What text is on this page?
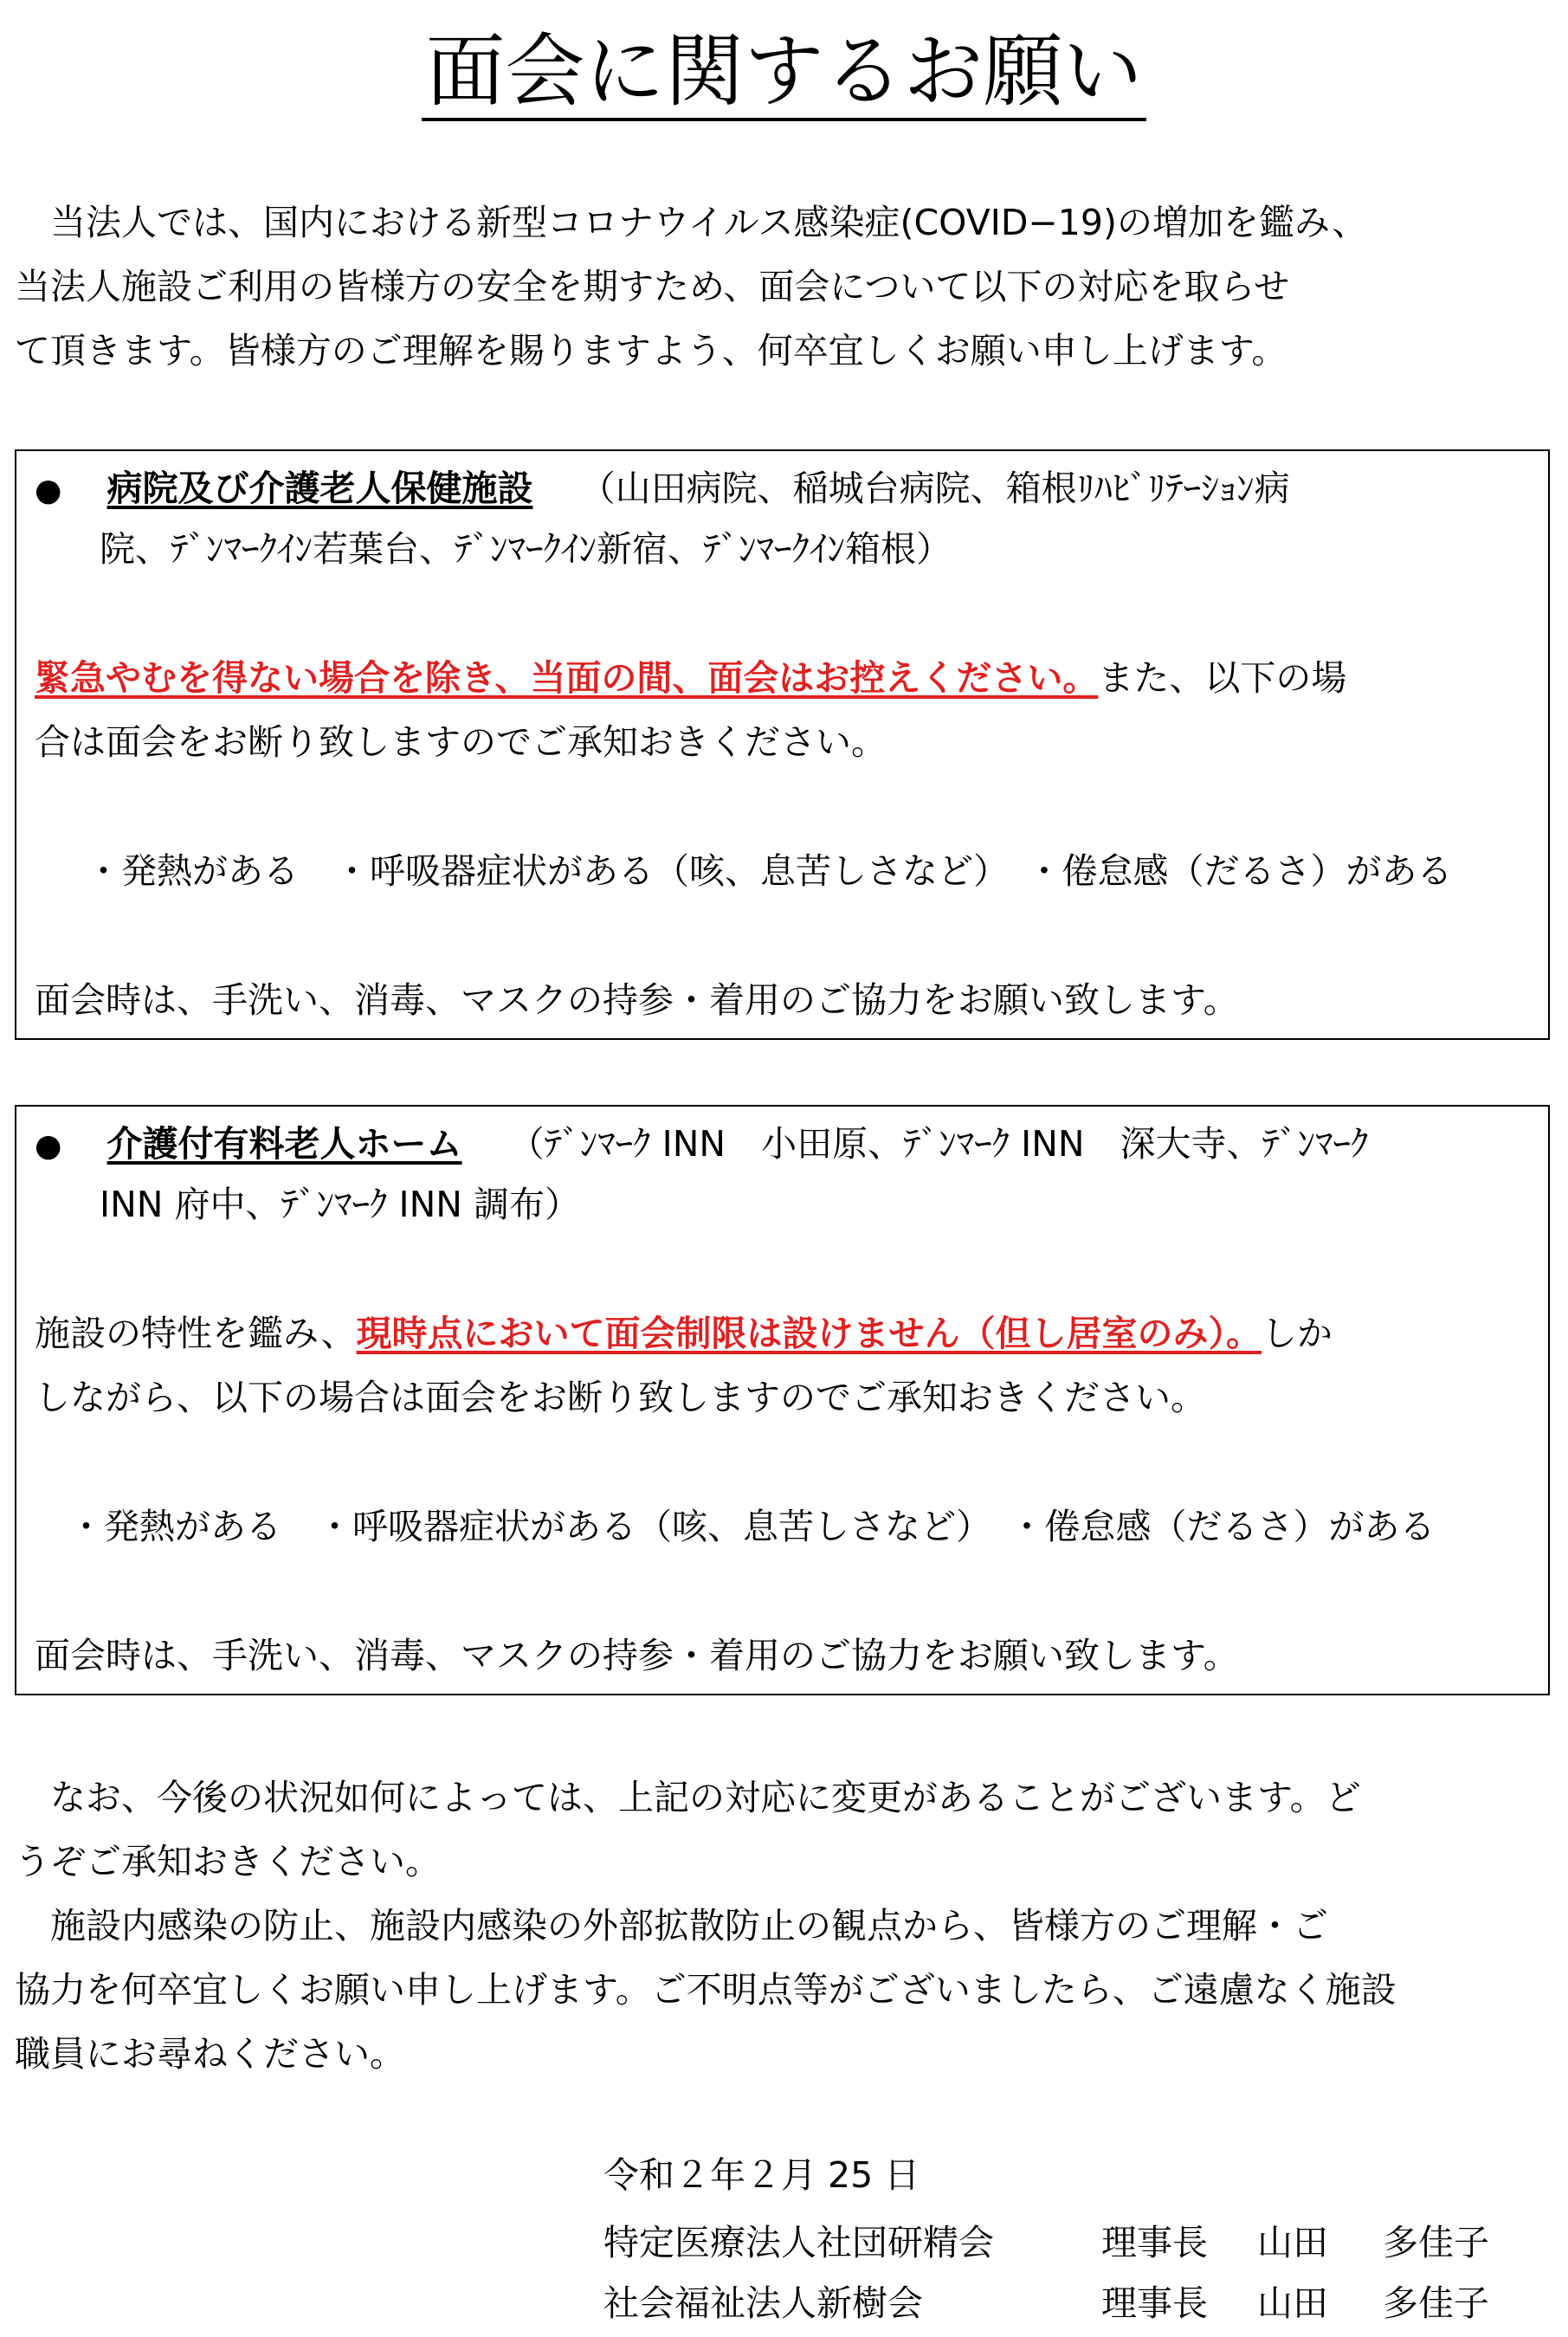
面会に関するお願い
　当法人では、国内における新型コロナウイルス感染症(COVID−19)の増加を鑑み、
当法人施設ご利用の皆様方の安全を期すため、面会について以下の対応を取らせ
て頂きます。皆様方のご理解を賜りますよう、何卒宜しくお願い申し上げます。
● 病院及び介護老人保健施設 （山田病院、稲城台病院、箱根ﾘﾊﾋﾞﾘﾃｰｼｮﾝ病
院、ﾃﾞﾝﾏｰｸｲﾝ若葉台、ﾃﾞﾝﾏｰｸｲﾝ新宿、ﾃﾞﾝﾏｰｸｲﾝ箱根）
緊急やむを得ない場合を除き、当面の間、面会はお控えください。また、以下の場
合は面会をお断り致しますのでご承知おきください。
・発熱がある　・呼吸器症状がある（咳、息苦しさなど）　・倦怠感（だるさ）がある
面会時は、手洗い、消毒、マスクの持参・着用のご協力をお願い致します。
● 介護付有料老人ホーム （ﾃﾞﾝﾏｰｸ INN　小田原、ﾃﾞﾝﾏｰｸ INN　深大寺、ﾃﾞﾝﾏｰｸ
INN 府中、ﾃﾞﾝﾏｰｸ INN 調布）
施設の特性を鑑み、現時点において面会制限は設けません（但し居室のみ）。しか
しながら、以下の場合は面会をお断り致しますのでご承知おきください。
・発熱がある　・呼吸器症状がある（咳、息苦しさなど）　・倦怠感（だるさ）がある
面会時は、手洗い、消毒、マスクの持参・着用のご協力をお願い致します。
　なお、今後の状況如何によっては、上記の対応に変更があることがございます。ど
うぞご承知おきください。
　施設内感染の防止、施設内感染の外部拡散防止の観点から、皆様方のご理解・ご
協力を何卒宜しくお願い申し上げます。ご不明点等がございましたら、ご遠慮なく施設
職員にお尋ねください。
令和２年２月 25 日
特定医療法人社団研精会	理事長 山田 多佳子
社会福祉法人新樹会	理事長 山田 多佳子
